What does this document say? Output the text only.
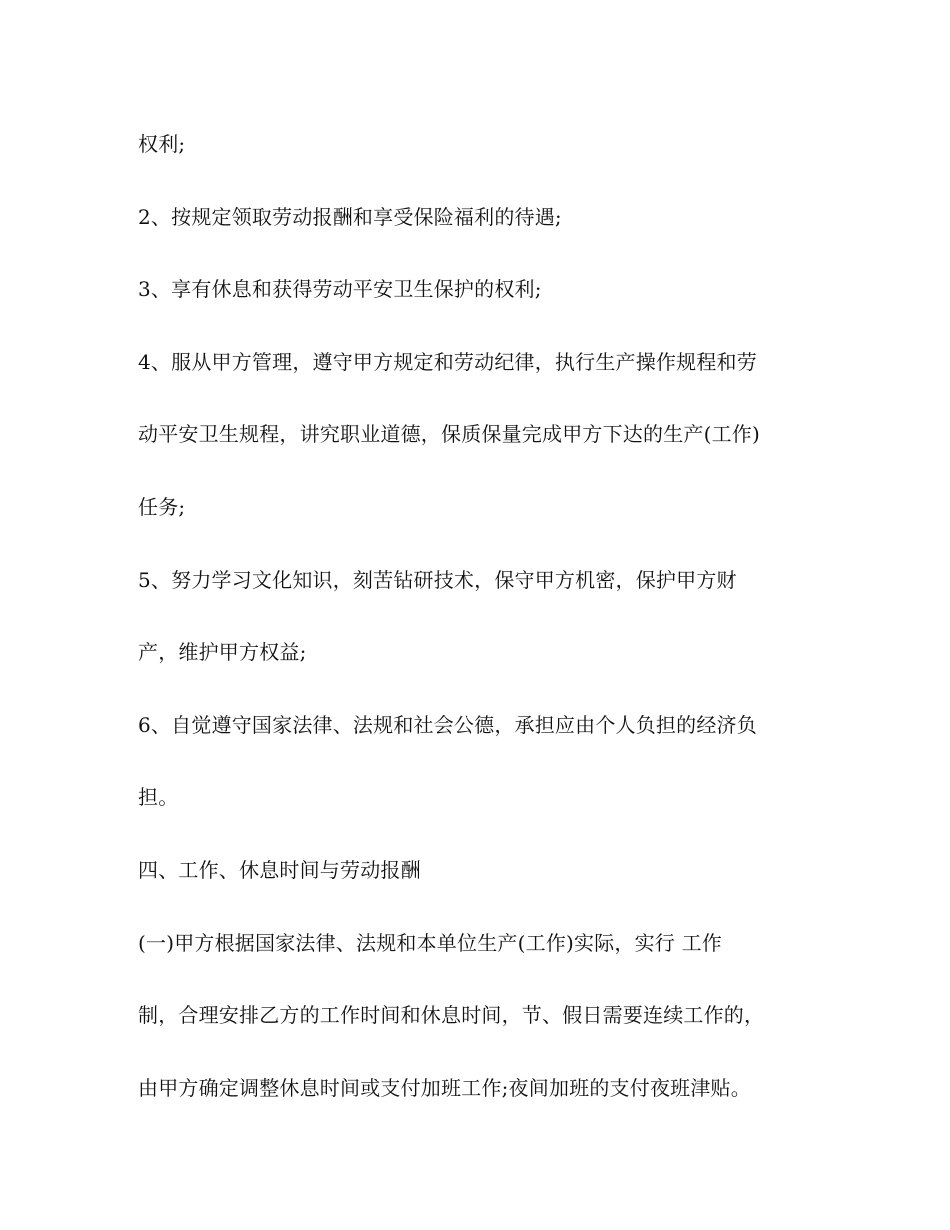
权利;
2、按规定领取劳动报酬和享受保险福利的待遇;
3、享有休息和获得劳动平安卫生保护的权利;
4、服从甲方管理，遵守甲方规定和劳动纪律，执行生产操作规程和劳
动平安卫生规程，讲究职业道德，保质保量完成甲方下达的生产(工作)
任务;
5、努力学习文化知识，刻苦钻研技术，保守甲方机密，保护甲方财
产，维护甲方权益;
6、自觉遵守国家法律、法规和社会公德，承担应由个人负担的经济负
担。
四、工作、休息时间与劳动报酬
(一)甲方根据国家法律、法规和本单位生产(工作)实际，实行 工作
制，合理安排乙方的工作时间和休息时间，节、假日需要连续工作的，
由甲方确定调整休息时间或支付加班工作;夜间加班的支付夜班津贴。
